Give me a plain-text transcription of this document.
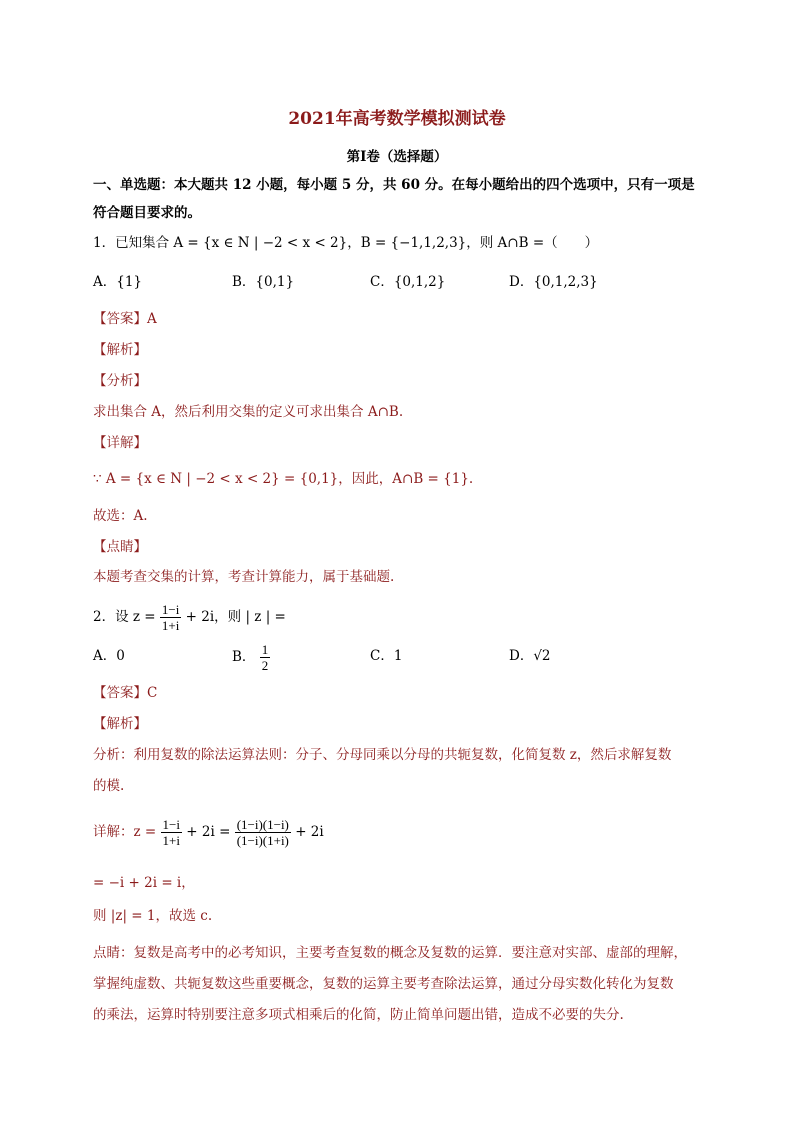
2021年高考数学模拟测试卷
第Ⅰ卷（选择题）
一、单选题：本大题共 12 小题，每小题 5 分，共 60 分。在每小题给出的四个选项中，只有一项是
符合题目要求的。
1．已知集合 A = {x ∈ N | −2 < x < 2}，B = {−1,1,2,3}，则 A∩B =（　　）
A．{1}	B．{0,1}	C．{0,1,2}	D．{0,1,2,3}
【答案】A
【解析】
【分析】
求出集合 A，然后利用交集的定义可求出集合 A∩B.
【详解】
∵ A = {x ∈ N | −2 < x < 2} = {0,1}，因此，A∩B = {1}.
故选：A.
【点睛】
本题考查交集的计算，考查计算能力，属于基础题.
2．设 $z = \frac{1-i}{1+i} + 2i$，则 | z | =
A．0	B． $\frac{1}{2}$	C．1	D．√2
【答案】C
【解析】
分析：利用复数的除法运算法则：分子、分母同乘以分母的共轭复数，化简复数 z，然后求解复数
的模.
详解：$z = \frac{1-i}{1+i} + 2i = \frac{(1-i)(1-i)}{(1-i)(1+i)} + 2i$
= −i + 2i = i，
则 |z| = 1，故选 c.
点睛：复数是高考中的必考知识，主要考查复数的概念及复数的运算．要注意对实部、虚部的理解，
掌握纯虚数、共轭复数这些重要概念，复数的运算主要考查除法运算，通过分母实数化转化为复数
的乘法，运算时特别要注意多项式相乘后的化简，防止简单问题出错，造成不必要的失分.
